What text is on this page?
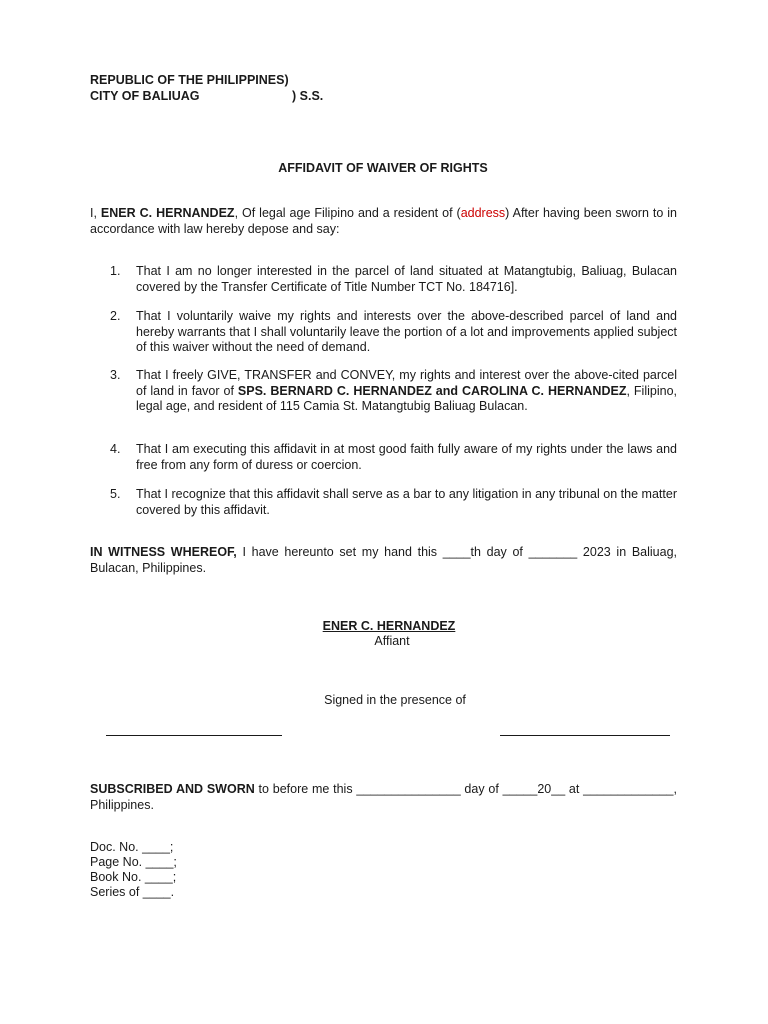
REPUBLIC OF THE PHILIPPINES)
CITY OF BALIUAG	) S.S.
AFFIDAVIT OF WAIVER OF RIGHTS
I, ENER C. HERNANDEZ, Of legal age Filipino and a resident of (address) After having been sworn to in accordance with law hereby depose and say:
1.	That I am no longer interested in the parcel of land situated at Matangtubig, Baliuag, Bulacan covered by the Transfer Certificate of Title Number TCT No. 184716].
2.	That I voluntarily waive my rights and interests over the above-described parcel of land and hereby warrants that I shall voluntarily leave the portion of a lot and improvements applied subject of this waiver without the need of demand.
3.	That I freely GIVE, TRANSFER and CONVEY, my rights and interest over the above-cited parcel of land in favor of SPS. BERNARD C. HERNANDEZ and CAROLINA C. HERNANDEZ, Filipino, legal age, and resident of 115 Camia St. Matangtubig Baliuag Bulacan.
4.	That I am executing this affidavit in at most good faith fully aware of my rights under the laws and free from any form of duress or coercion.
5.	That I recognize that this affidavit shall serve as a bar to any litigation in any tribunal on the matter covered by this affidavit.
IN WITNESS WHEREOF, I have hereunto set my hand this ____th day of _______ 2023 in Baliuag, Bulacan, Philippines.
ENER C. HERNANDEZ
Affiant
Signed in the presence of
SUBSCRIBED AND SWORN to before me this _______________ day of _____20__ at _____________, Philippines.
Doc. No. ____;
Page No. ____;
Book No. ____;
Series of ____.
